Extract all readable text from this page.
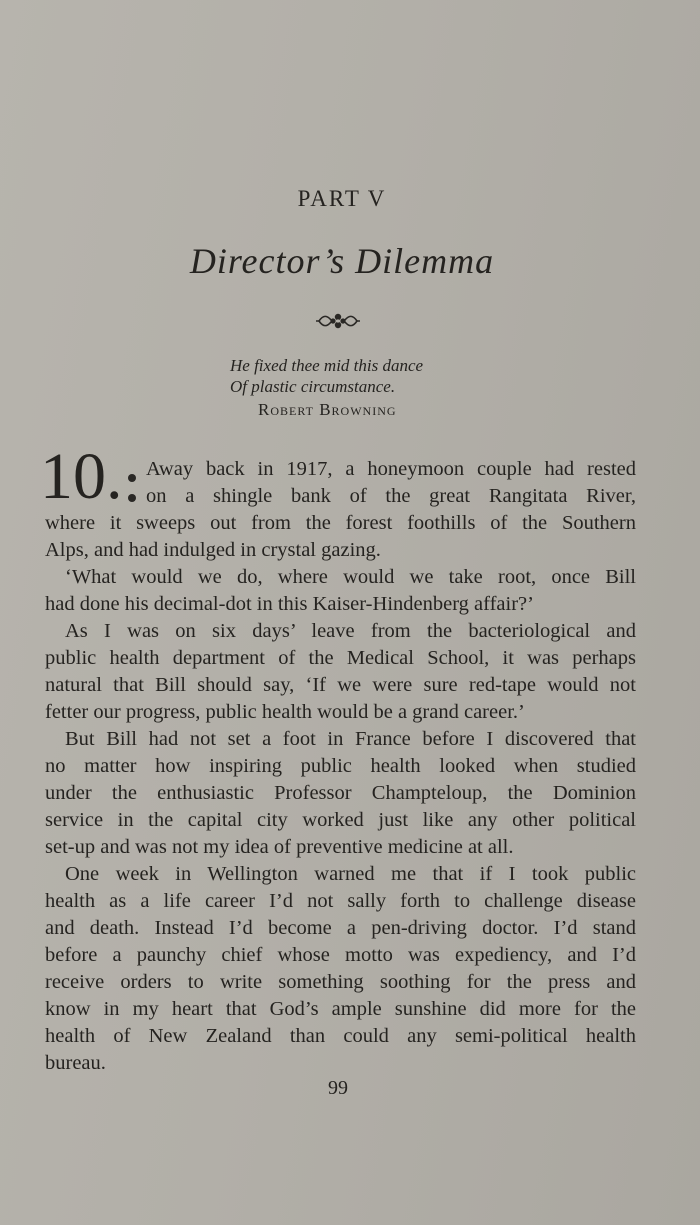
PART V
Director’s Dilemma
He fixed thee mid this dance
Of plastic circumstance.
Robert Browning
10. Away back in 1917, a honeymoon couple had rested
on a shingle bank of the great Rangitata River,
where it sweeps out from the forest foothills of the Southern
Alps, and had indulged in crystal gazing.
‘What would we do, where would we take root, once Bill
had done his decimal-dot in this Kaiser-Hindenberg affair?’
As I was on six days’ leave from the bacteriological and
public health department of the Medical School, it was perhaps
natural that Bill should say, ‘If we were sure red-tape would not
fetter our progress, public health would be a grand career.’
But Bill had not set a foot in France before I discovered that
no matter how inspiring public health looked when studied
under the enthusiastic Professor Champteloup, the Dominion
service in the capital city worked just like any other political
set-up and was not my idea of preventive medicine at all.
One week in Wellington warned me that if I took public
health as a life career I’d not sally forth to challenge disease
and death. Instead I’d become a pen-driving doctor. I’d stand
before a paunchy chief whose motto was expediency, and I’d
receive orders to write something soothing for the press and
know in my heart that God’s ample sunshine did more for the
health of New Zealand than could any semi-political health
bureau.
99
